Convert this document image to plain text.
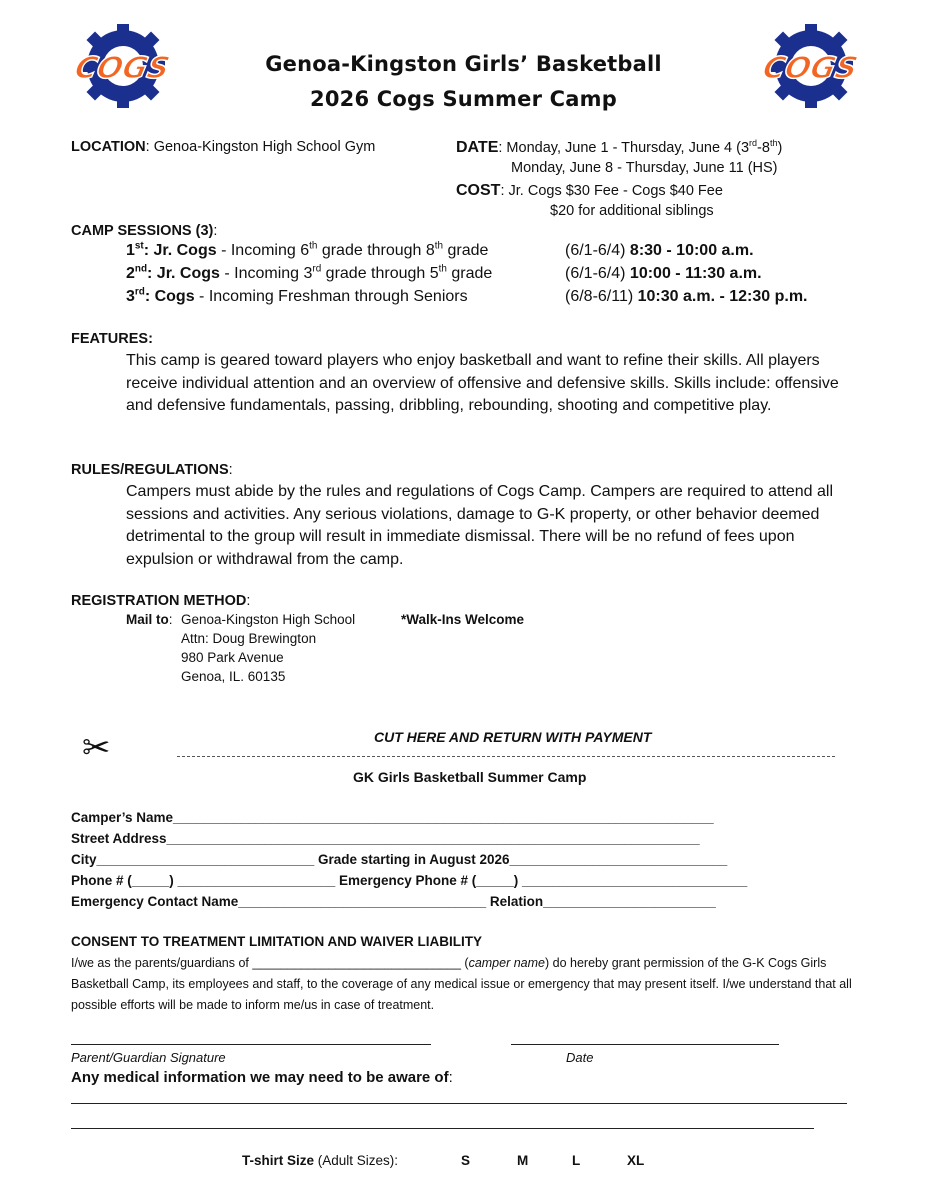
COGS	COGS
Genoa-Kingston Girls’ Basketball
2026 Cogs Summer Camp
LOCATION: Genoa-Kingston High School Gym	DATE: Monday, June 1 - Thursday, June 4 (3rd-8th)
Monday, June 8 - Thursday, June 11 (HS)
COST: Jr. Cogs $30 Fee - Cogs $40 Fee
$20 for additional siblings
CAMP SESSIONS (3):
1st: Jr. Cogs - Incoming 6th grade through 8th grade	(6/1-6/4) 8:30 - 10:00 a.m.
2nd: Jr. Cogs - Incoming 3rd grade through 5th grade	(6/1-6/4) 10:00 - 11:30 a.m.
3rd: Cogs - Incoming Freshman through Seniors	(6/8-6/11) 10:30 a.m. - 12:30 p.m.
FEATURES:
This camp is geared toward players who enjoy basketball and want to refine their skills. All players receive individual attention and an overview of offensive and defensive skills. Skills include: offensive and defensive fundamentals, passing, dribbling, rebounding, shooting and competitive play.
RULES/REGULATIONS:
Campers must abide by the rules and regulations of Cogs Camp. Campers are required to attend all sessions and activities. Any serious violations, damage to G-K property, or other behavior deemed detrimental to the group will result in immediate dismissal. There will be no refund of fees upon expulsion or withdrawal from the camp.
REGISTRATION METHOD:
Mail to: Genoa-Kingston High School
Attn: Doug Brewington
980 Park Avenue
Genoa, IL. 60135
*Walk-Ins Welcome
CUT HERE AND RETURN WITH PAYMENT
✂
GK Girls Basketball Summer Camp
Camper’s Name________________________________________________________________________
Street Address_______________________________________________________________________
City_____________________________ Grade starting in August 2026_____________________________
Phone # (_____) _____________________ Emergency Phone # (_____) ______________________________
Emergency Contact Name_________________________________ Relation_______________________
CONSENT TO TREATMENT LIMITATION AND WAIVER LIABILITY
I/we as the parents/guardians of ______________________________ (camper name) do hereby grant permission of the G-K Cogs Girls Basketball Camp, its employees and staff, to the coverage of any medical issue or emergency that may present itself. I/we understand that all possible efforts will be made to inform me/us in case of treatment.
Parent/Guardian Signature	Date
Any medical information we may need to be aware of:
T-shirt Size (Adult Sizes):	S	M	L	XL
